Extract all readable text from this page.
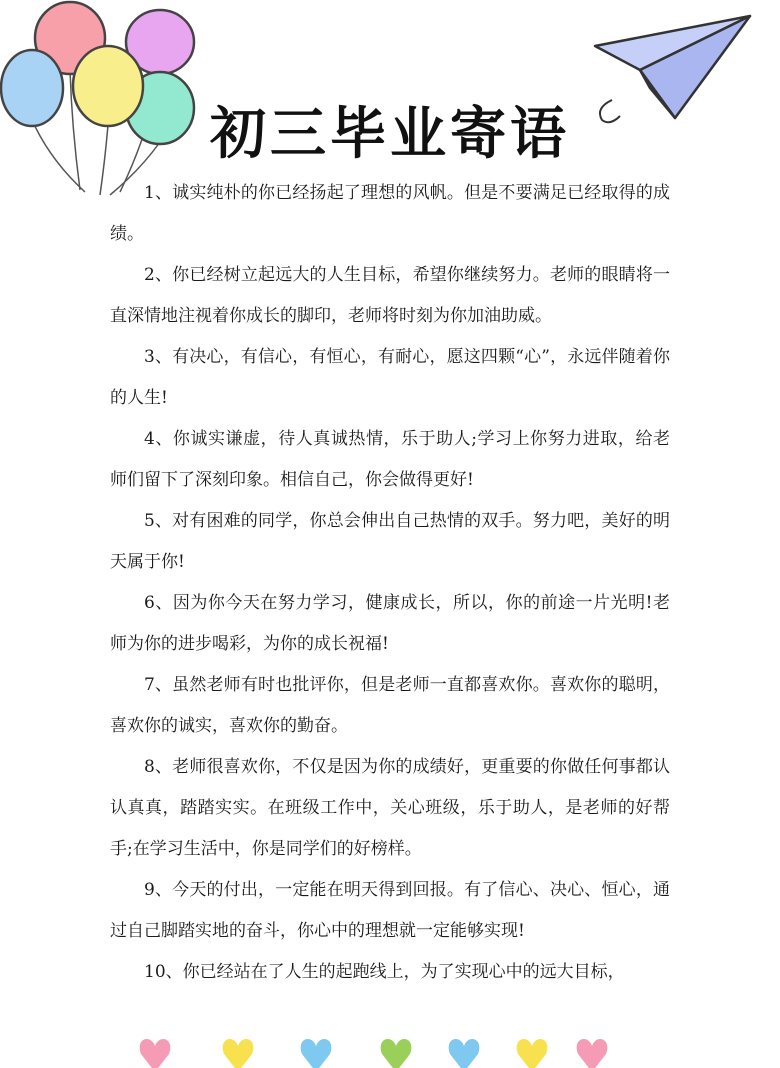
初三毕业寄语

1、诚实纯朴的你已经扬起了理想的风帆。但是不要满足已经取得的成绩。

2、你已经树立起远大的人生目标，希望你继续努力。老师的眼睛将一直深情地注视着你成长的脚印，老师将时刻为你加油助威。

3、有决心，有信心，有恒心，有耐心，愿这四颗“心”，永远伴随着你的人生!

4、你诚实谦虚，待人真诚热情，乐于助人;学习上你努力进取，给老师们留下了深刻印象。相信自己，你会做得更好!

5、对有困难的同学，你总会伸出自己热情的双手。努力吧，美好的明天属于你!

6、因为你今天在努力学习，健康成长，所以，你的前途一片光明!老师为你的进步喝彩，为你的成长祝福!

7、虽然老师有时也批评你，但是老师一直都喜欢你。喜欢你的聪明，喜欢你的诚实，喜欢你的勤奋。

8、老师很喜欢你，不仅是因为你的成绩好，更重要的你做任何事都认认真真，踏踏实实。在班级工作中，关心班级，乐于助人，是老师的好帮手;在学习生活中，你是同学们的好榜样。

9、今天的付出，一定能在明天得到回报。有了信心、决心、恒心，通过自己脚踏实地的奋斗，你心中的理想就一定能够实现!

10、你已经站在了人生的起跑线上，为了实现心中的远大目标，
